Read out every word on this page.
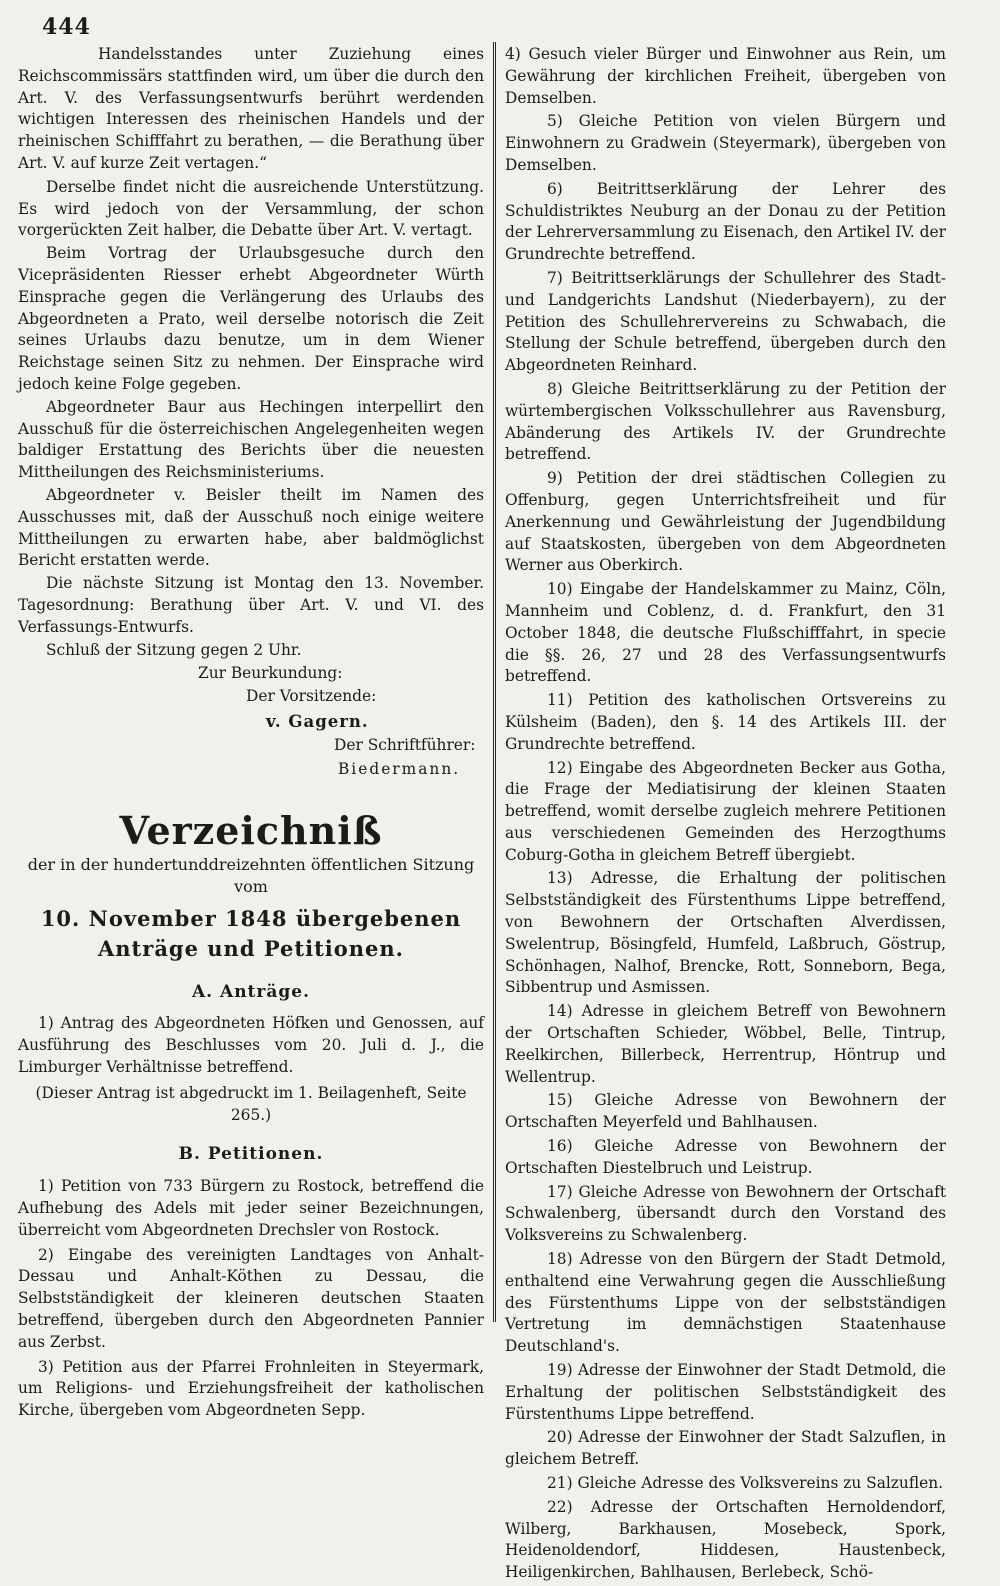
444

Handelsstandes unter Zuziehung eines Reichscommissärs stattfinden wird, um über die durch den Art. V. des Verfassungsentwurfs berührt werdenden wichtigen Interessen des rheinischen Handels und der rheinischen Schifffahrt zu berathen, — die Berathung über Art. V. auf kurze Zeit vertagen.“

Derselbe findet nicht die ausreichende Unterstützung. Es wird jedoch von der Versammlung, der schon vorgerückten Zeit halber, die Debatte über Art. V. vertagt.

Beim Vortrag der Urlaubsgesuche durch den Vicepräsidenten Riesser erhebt Abgeordneter Würth Einsprache gegen die Verlängerung des Urlaubs des Abgeordneten a Prato, weil derselbe notorisch die Zeit seines Urlaubs dazu benutze, um in dem Wiener Reichstage seinen Sitz zu nehmen. Der Einsprache wird jedoch keine Folge gegeben.

Abgeordneter Baur aus Hechingen interpellirt den Ausschuß für die österreichischen Angelegenheiten wegen baldiger Erstattung des Berichts über die neuesten Mittheilungen des Reichsministeriums.

Abgeordneter v. Beisler theilt im Namen des Ausschusses mit, daß der Ausschuß noch einige weitere Mittheilungen zu erwarten habe, aber baldmöglichst Bericht erstatten werde.

Die nächste Sitzung ist Montag den 13. November. Tagesordnung: Berathung über Art. V. und VI. des Verfassungs-Entwurfs.

Schluß der Sitzung gegen 2 Uhr.

Zur Beurkundung:

Der Vorsitzende:

v. Gagern.

Der Schriftführer:

Biedermann.

Verzeichniß
der in der hundertunddreizehnten öffentlichen Sitzung vom
10. November 1848 übergebenen Anträge und Petitionen.
A. Anträge.

1) Antrag des Abgeordneten Höfken und Genossen, auf Ausführung des Beschlusses vom 20. Juli d. J., die Limburger Verhältnisse betreffend.

(Dieser Antrag ist abgedruckt im 1. Beilagenheft, Seite 265.)

B. Petitionen.

1) Petition von 733 Bürgern zu Rostock, betreffend die Aufhebung des Adels mit jeder seiner Bezeichnungen, überreicht vom Abgeordneten Drechsler von Rostock.

2) Eingabe des vereinigten Landtages von Anhalt-Dessau und Anhalt-Köthen zu Dessau, die Selbstständigkeit der kleineren deutschen Staaten betreffend, übergeben durch den Abgeordneten Pannier aus Zerbst.

3) Petition aus der Pfarrei Frohnleiten in Steyermark, um Religions- und Erziehungsfreiheit der katholischen Kirche, übergeben vom Abgeordneten Sepp.

4) Gesuch vieler Bürger und Einwohner aus Rein, um Gewährung der kirchlichen Freiheit, übergeben von Demselben.

5) Gleiche Petition von vielen Bürgern und Einwohnern zu Gradwein (Steyermark), übergeben von Demselben.

6) Beitrittserklärung der Lehrer des Schuldistriktes Neuburg an der Donau zu der Petition der Lehrerversammlung zu Eisenach, den Artikel IV. der Grundrechte betreffend.

7) Beitrittserklärungs der Schullehrer des Stadt- und Landgerichts Landshut (Niederbayern), zu der Petition des Schullehrervereins zu Schwabach, die Stellung der Schule betreffend, übergeben durch den Abgeordneten Reinhard.

8) Gleiche Beitrittserklärung zu der Petition der würtembergischen Volksschullehrer aus Ravensburg, Abänderung des Artikels IV. der Grundrechte betreffend.

9) Petition der drei städtischen Collegien zu Offenburg, gegen Unterrichtsfreiheit und für Anerkennung und Gewährleistung der Jugendbildung auf Staatskosten, übergeben von dem Abgeordneten Werner aus Oberkirch.

10) Eingabe der Handelskammer zu Mainz, Cöln, Mannheim und Coblenz, d. d. Frankfurt, den 31 October 1848, die deutsche Flußschifffahrt, in specie die §§. 26, 27 und 28 des Verfassungsentwurfs betreffend.

11) Petition des katholischen Ortsvereins zu Külsheim (Baden), den §. 14 des Artikels III. der Grundrechte betreffend.

12) Eingabe des Abgeordneten Becker aus Gotha, die Frage der Mediatisirung der kleinen Staaten betreffend, womit derselbe zugleich mehrere Petitionen aus verschiedenen Gemeinden des Herzogthums Coburg-Gotha in gleichem Betreff übergiebt.

13) Adresse, die Erhaltung der politischen Selbstständigkeit des Fürstenthums Lippe betreffend, von Bewohnern der Ortschaften Alverdissen, Swelentrup, Bösingfeld, Humfeld, Laßbruch, Göstrup, Schönhagen, Nalhof, Brencke, Rott, Sonneborn, Bega, Sibbentrup und Asmissen.

14) Adresse in gleichem Betreff von Bewohnern der Ortschaften Schieder, Wöbbel, Belle, Tintrup, Reelkirchen, Billerbeck, Herrentrup, Höntrup und Wellentrup.

15) Gleiche Adresse von Bewohnern der Ortschaften Meyerfeld und Bahlhausen.

16) Gleiche Adresse von Bewohnern der Ortschaften Diestelbruch und Leistrup.

17) Gleiche Adresse von Bewohnern der Ortschaft Schwalenberg, übersandt durch den Vorstand des Volksvereins zu Schwalenberg.

18) Adresse von den Bürgern der Stadt Detmold, enthaltend eine Verwahrung gegen die Ausschließung des Fürstenthums Lippe von der selbstständigen Vertretung im demnächstigen Staatenhause Deutschland's.

19) Adresse der Einwohner der Stadt Detmold, die Erhaltung der politischen Selbstständigkeit des Fürstenthums Lippe betreffend.

20) Adresse der Einwohner der Stadt Salzuflen, in gleichem Betreff.

21) Gleiche Adresse des Volksvereins zu Salzuflen.

22) Adresse der Ortschaften Hernoldendorf, Wilberg, Barkhausen, Mosebeck, Spork, Heidenoldendorf, Hiddesen, Haustenbeck, Heiligenkirchen, Bahlhausen, Berlebeck, Schö-
